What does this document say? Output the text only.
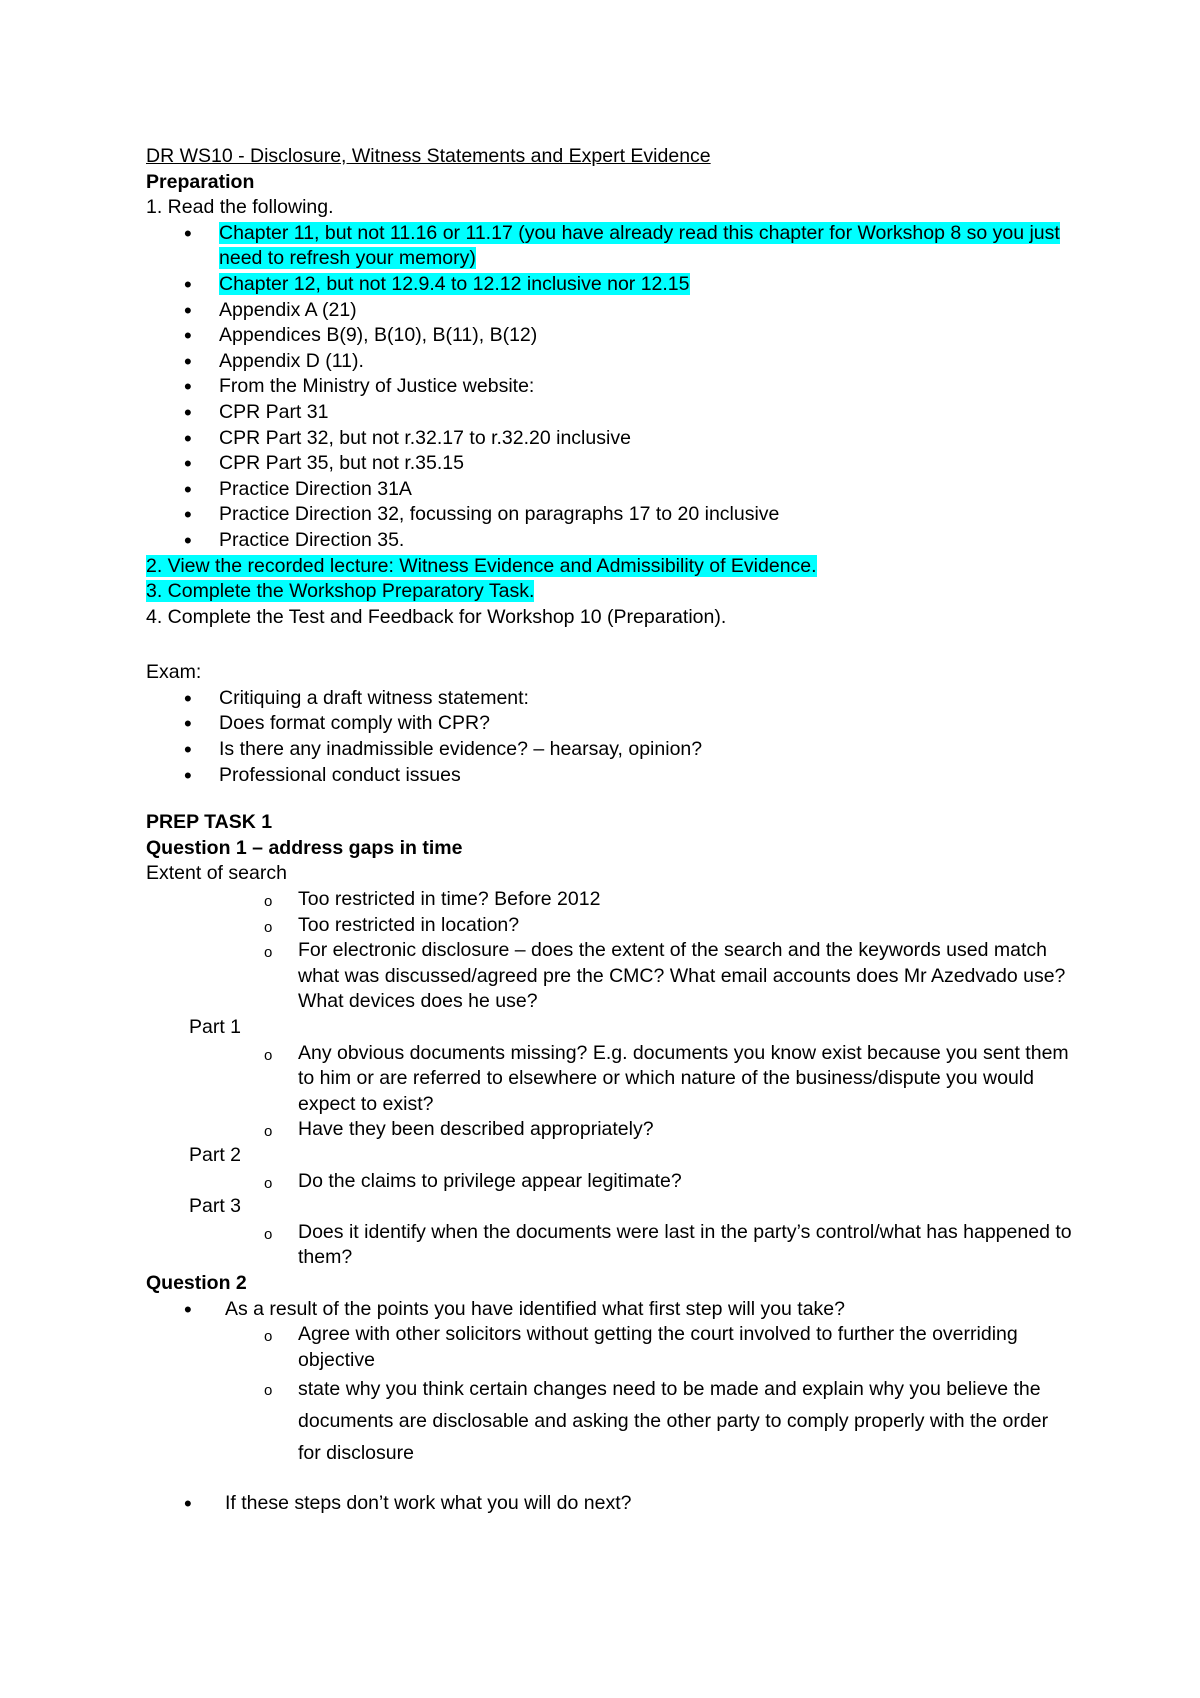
DR WS10 - Disclosure, Witness Statements and Expert Evidence
Preparation
1. Read the following.
• Chapter 11, but not 11.16 or 11.17 (you have already read this chapter for Workshop 8 so you just need to refresh your memory)
• Chapter 12, but not 12.9.4 to 12.12 inclusive nor 12.15
• Appendix A (21)
• Appendices B(9), B(10), B(11), B(12)
• Appendix D (11).
• From the Ministry of Justice website:
• CPR Part 31
• CPR Part 32, but not r.32.17 to r.32.20 inclusive
• CPR Part 35, but not r.35.15
• Practice Direction 31A
• Practice Direction 32, focussing on paragraphs 17 to 20 inclusive
• Practice Direction 35.
2. View the recorded lecture: Witness Evidence and Admissibility of Evidence.
3. Complete the Workshop Preparatory Task.
4. Complete the Test and Feedback for Workshop 10 (Preparation).
Exam:
• Critiquing a draft witness statement:
• Does format comply with CPR?
• Is there any inadmissible evidence? – hearsay, opinion?
• Professional conduct issues
PREP TASK 1
Question 1 – address gaps in time
Extent of search
o Too restricted in time? Before 2012
o Too restricted in location?
o For electronic disclosure – does the extent of the search and the keywords used match what was discussed/agreed pre the CMC? What email accounts does Mr Azedvado use? What devices does he use?
Part 1
o Any obvious documents missing? E.g. documents you know exist because you sent them to him or are referred to elsewhere or which nature of the business/dispute you would expect to exist?
o Have they been described appropriately?
Part 2
o Do the claims to privilege appear legitimate?
Part 3
o Does it identify when the documents were last in the party’s control/what has happened to them?
Question 2
• As a result of the points you have identified what first step will you take?
o Agree with other solicitors without getting the court involved to further the overriding objective
o state why you think certain changes need to be made and explain why you believe the documents are disclosable and asking the other party to comply properly with the order for disclosure
• If these steps don’t work what you will do next?
